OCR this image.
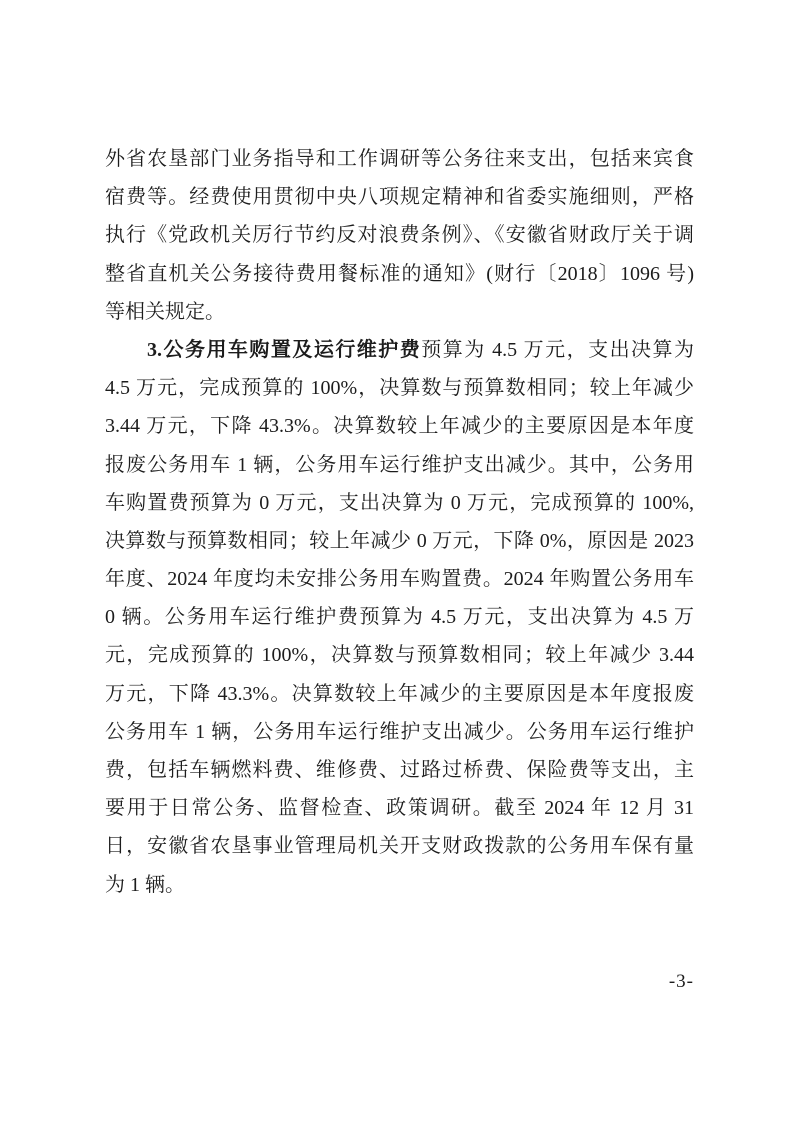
外省农垦部门业务指导和工作调研等公务往来支出，包括来宾食
宿费等。经费使用贯彻中央八项规定精神和省委实施细则，严格
执行《党政机关厉行节约反对浪费条例》、《安徽省财政厅关于调
整省直机关公务接待费用餐标准的通知》(财行〔2018〕1096 号)
等相关规定。
3.公务用车购置及运行维护费预算为 4.5 万元，支出决算为
4.5 万元，完成预算的 100%，决算数与预算数相同；较上年减少
3.44 万元，下降 43.3%。决算数较上年减少的主要原因是本年度
报废公务用车 1 辆，公务用车运行维护支出减少。其中，公务用
车购置费预算为 0 万元，支出决算为 0 万元，完成预算的 100%,
决算数与预算数相同；较上年减少 0 万元，下降 0%，原因是 2023
年度、2024 年度均未安排公务用车购置费。2024 年购置公务用车
0 辆。公务用车运行维护费预算为 4.5 万元，支出决算为 4.5 万
元，完成预算的 100%，决算数与预算数相同；较上年减少 3.44
万元，下降 43.3%。决算数较上年减少的主要原因是本年度报废
公务用车 1 辆，公务用车运行维护支出减少。公务用车运行维护
费，包括车辆燃料费、维修费、过路过桥费、保险费等支出，主
要用于日常公务、监督检查、政策调研。截至 2024 年 12 月 31
日，安徽省农垦事业管理局机关开支财政拨款的公务用车保有量
为 1 辆。
-3-
